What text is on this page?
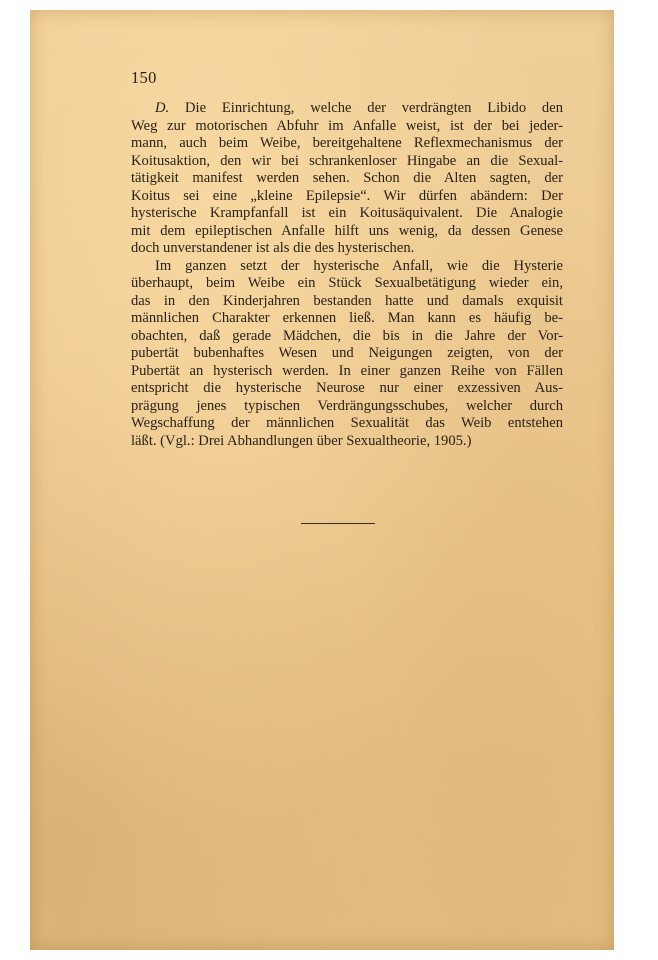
150
D. Die Einrichtung, welche der verdrängten Libido den
Weg zur motorischen Abfuhr im Anfalle weist, ist der bei jeder-
mann, auch beim Weibe, bereitgehaltene Reflexmechanismus der
Koitusaktion, den wir bei schrankenloser Hingabe an die Sexual-
tätigkeit manifest werden sehen. Schon die Alten sagten, der
Koitus sei eine „kleine Epilepsie“. Wir dürfen abändern: Der
hysterische Krampfanfall ist ein Koitusäquivalent. Die Analogie
mit dem epileptischen Anfalle hilft uns wenig, da dessen Genese
doch unverstandener ist als die des hysterischen.
Im ganzen setzt der hysterische Anfall, wie die Hysterie
überhaupt, beim Weibe ein Stück Sexualbetätigung wieder ein,
das in den Kinderjahren bestanden hatte und damals exquisit
männlichen Charakter erkennen ließ. Man kann es häufig be-
obachten, daß gerade Mädchen, die bis in die Jahre der Vor-
pubertät bubenhaftes Wesen und Neigungen zeigten, von der
Pubertät an hysterisch werden. In einer ganzen Reihe von Fällen
entspricht die hysterische Neurose nur einer exzessiven Aus-
prägung jenes typischen Verdrängungsschubes, welcher durch
Wegschaffung der männlichen Sexualität das Weib entstehen
läßt. (Vgl.: Drei Abhandlungen über Sexualtheorie, 1905.)
